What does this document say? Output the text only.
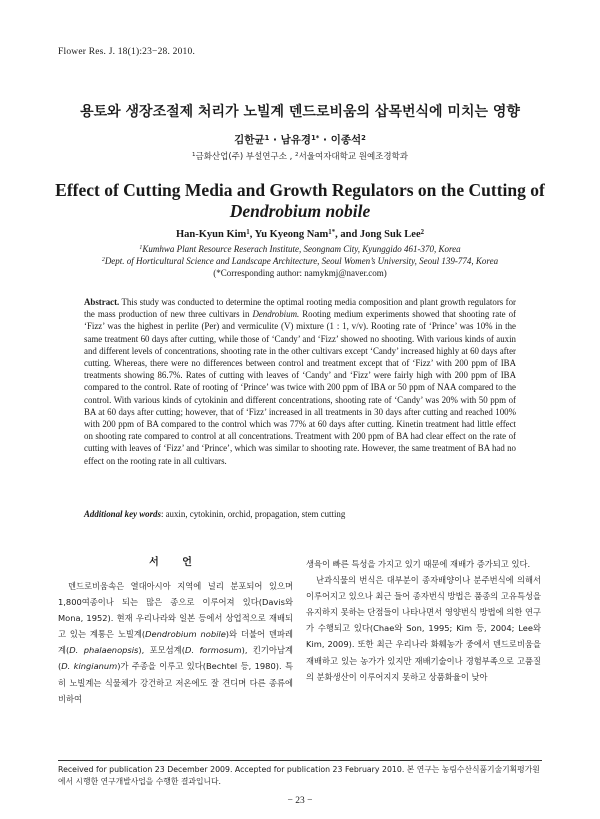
Flower Res. J. 18(1):23−28. 2010.
용토와 생장조절제 처리가 노빌계 덴드로비움의 삽목번식에 미치는 영향
김한균$^1$ · 남유경$^{1*}$ · 이종석$^2$
$^1$금화산업(주) 부설연구소 , $^2$서울여자대학교 원예조경학과
Effect of Cutting Media and Growth Regulators on the Cutting of
Dendrobium nobile
Han-Kyun Kim$^1$, Yu Kyeong Nam$^{1*}$, and Jong Suk Lee$^2$
$^1$Kumhwa Plant Resource Reserach Institute, Seongnam City, Kyunggido 461-370, Korea
$^2$Dept. of Horticultural Science and Landscape Architecture, Seoul Women’s University, Seoul 139-774, Korea
(*Corresponding author: namykmj@naver.com)
Abstract. This study was conducted to determine the optimal rooting media composition and plant growth regulators for the mass production of new three cultivars in Dendrobium. Rooting medium experiments showed that shooting rate of ‘Fizz’ was the highest in perlite (Per) and vermiculite (V) mixture (1 : 1, v/v). Rooting rate of ‘Prince’ was 10% in the same treatment 60 days after cutting, while those of ‘Candy’ and ‘Fizz’ showed no shooting. With various kinds of auxin and different levels of concentrations, shooting rate in the other cultivars except ‘Candy’ increased highly at 60 days after cutting. Whereas, there were no differences between control and treatment except that of ‘Fizz’ with 200 ppm of IBA treatments showing 86.7%. Rates of cutting with leaves of ‘Candy’ and ‘Fizz’ were fairly high with 200 ppm of IBA compared to the control. Rate of rooting of ‘Prince’ was twice with 200 ppm of IBA or 50 ppm of NAA compared to the control. With various kinds of cytokinin and different concentrations, shooting rate of ‘Candy’ was 20% with 50 ppm of BA at 60 days after cutting; however, that of ‘Fizz’ increased in all treatments in 30 days after cutting and reached 100% with 200 ppm of BA compared to the control which was 77% at 60 days after cutting. Kinetin treatment had little effect on shooting rate compared to control at all concentrations. Treatment with 200 ppm of BA had clear effect on the rate of cutting with leaves of ‘Fizz’ and ‘Prince’, which was similar to shooting rate. However, the same treatment of BA had no effect on the rooting rate in all cultivars.
Additional key words: auxin, cytokinin, orchid, propagation, stem cutting
서 언

덴드로비움속은 열대아시아 지역에 널리 분포되어 있으며 1,800여종이나 되는 많은 종으로 이루어져 있다(Davis와 Mona, 1952). 현재 우리나라와 일본 등에서 상업적으로 재배되고 있는 계통은 노빌계(Dendrobium nobile)와 더불어 덴파레계(D. phalaenopsis), 포모섬계(D. formosum), 킨기아남계(D. kingianum)가 주종을 이루고 있다(Bechtel 등, 1980). 특히 노빌계는 식물체가 강건하고 저온에도 잘 견디며 다른 종류에 비하여

생육이 빠른 특성을 가지고 있기 때문에 재배가 증가되고 있다.

난과식물의 번식은 대부분이 종자배양이나 분주번식에 의해서 이루어지고 있으나 최근 들어 종자번식 방법은 품종의 고유특성을 유지하지 못하는 단점들이 나타나면서 영양번식 방법에 의한 연구가 수행되고 있다(Chae와 Son, 1995; Kim 등, 2004; Lee와 Kim, 2009). 또한 최근 우리나라 화훼농가 중에서 덴드로비움을 재배하고 있는 농가가 있지만 재배기술이나 경험부족으로 고품질의 분화생산이 이루어지지 못하고 상품화율이 낮아

Received for publication 23 December 2009. Accepted for publication 23 February 2010. 본 연구는 농림수산식품기술기획평가원에서 시행한 연구개발사업을 수행한 결과입니다.
− 23 −
